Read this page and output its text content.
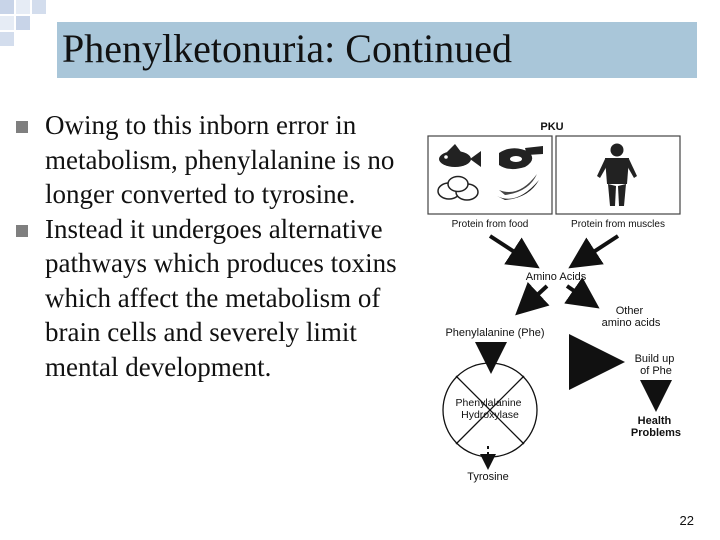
Phenylketonuria: Continued
Owing to this inborn error in metabolism, phenylalanine is no longer converted to tyrosine.
Instead it undergoes alternative pathways which produces toxins which affect the metabolism of brain cells and severely limit mental development.
PKU
Protein from food	Protein from muscles
Amino Acids
Other amino acids
Phenylalanine (Phe)
Build up of Phe
Health Problems
Phenylalanine Hydroxylase
Tyrosine
22
